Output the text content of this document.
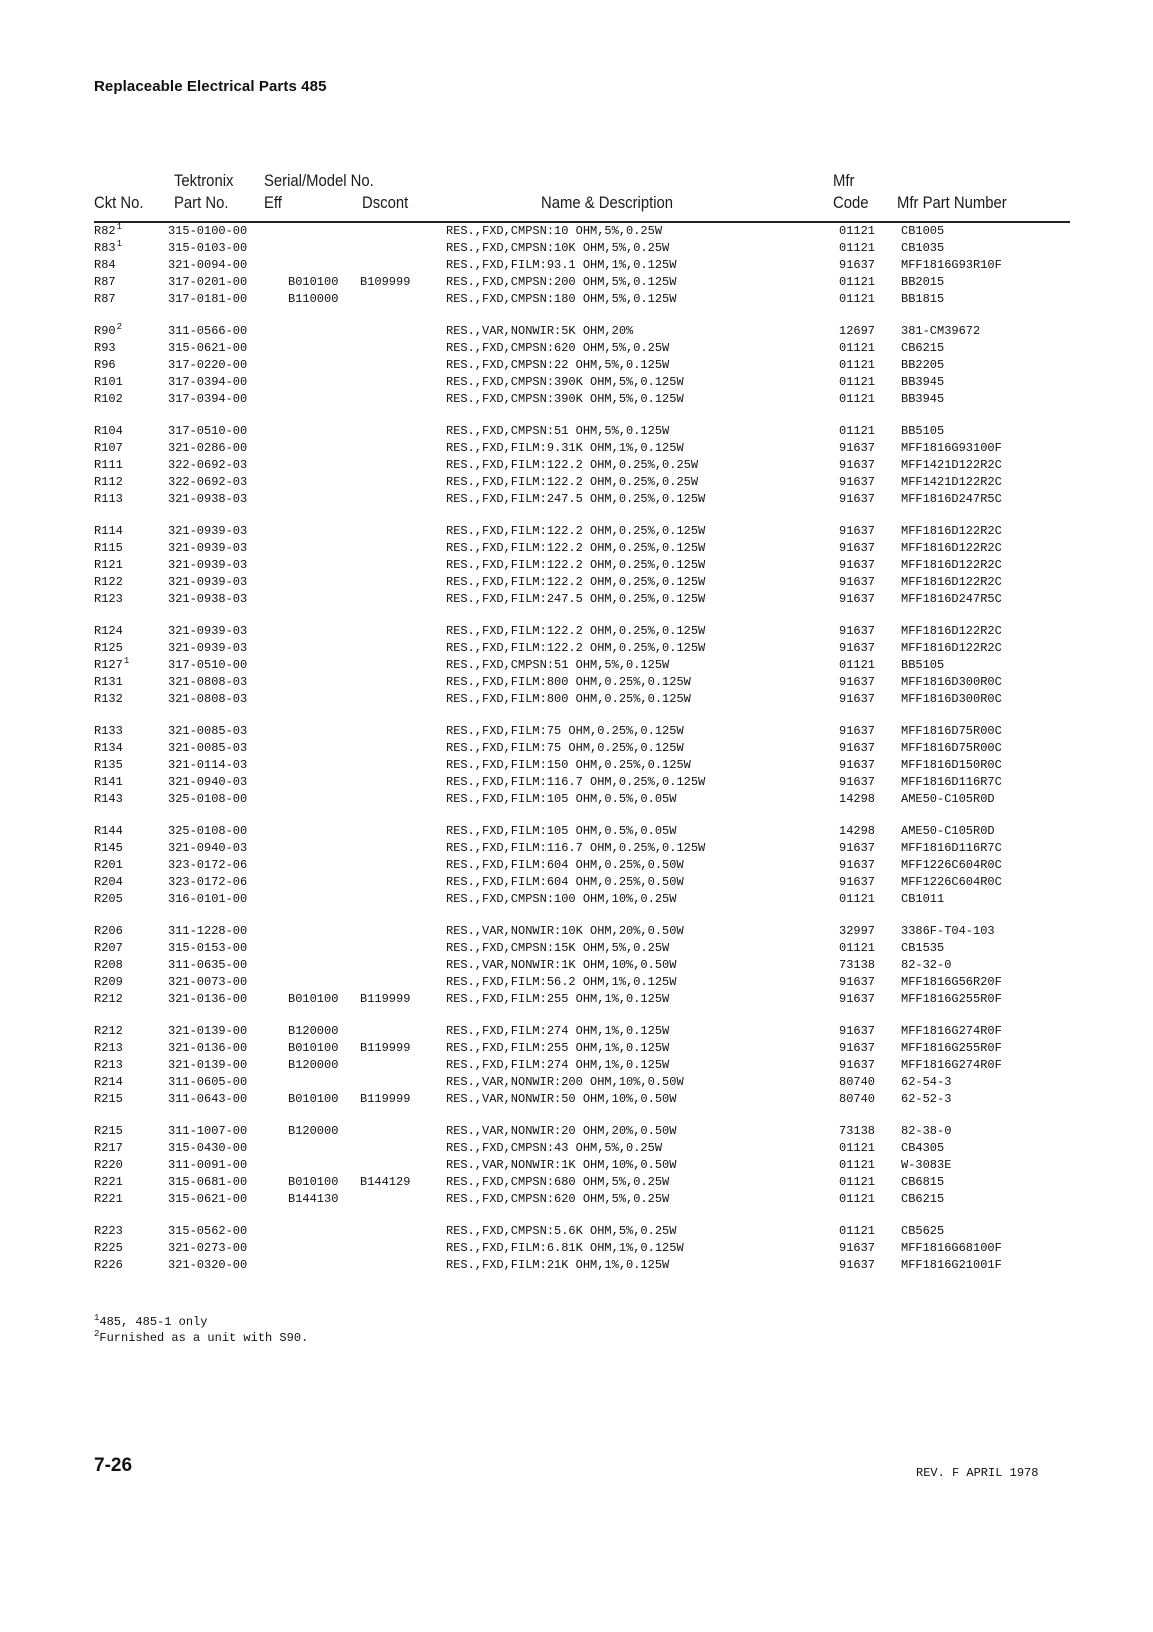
Replaceable Electrical Parts 485
Tektronix Serial/Model No.	Mfr
Ckt No. Part No. Eff	Dscont	Name & Description	Code Mfr Part Number
$R82^1$	315-0100-00	RES.,FXD,CMPSN:10 OHM,5%,0.25W	01121 CB1005
$R83^1$	315-0103-00	RES.,FXD,CMPSN:10K OHM,5%,0.25W	01121 CB1035
R84	321-0094-00	RES.,FXD,FILM:93.1 OHM,1%,0.125W	91637 MFF1816G93R10F
R87	317-0201-00	B010100 B109999	RES.,FXD,CMPSN:200 OHM,5%,0.125W	01121 BB2015
R87	317-0181-00	B110000	RES.,FXD,CMPSN:180 OHM,5%,0.125W	01121 BB1815
$R90^2$	311-0566-00	RES.,VAR,NONWIR:5K OHM,20%	12697 381-CM39672
R93	315-0621-00	RES.,FXD,CMPSN:620 OHM,5%,0.25W	01121 CB6215
R96	317-0220-00	RES.,FXD,CMPSN:22 OHM,5%,0.125W	01121 BB2205
R101	317-0394-00	RES.,FXD,CMPSN:390K OHM,5%,0.125W	01121 BB3945
R102	317-0394-00	RES.,FXD,CMPSN:390K OHM,5%,0.125W	01121 BB3945
R104	317-0510-00	RES.,FXD,CMPSN:51 OHM,5%,0.125W	01121 BB5105
R107	321-0286-00	RES.,FXD,FILM:9.31K OHM,1%,0.125W	91637 MFF1816G93100F
R111	322-0692-03	RES.,FXD,FILM:122.2 OHM,0.25%,0.25W	91637 MFF1421D122R2C
R112	322-0692-03	RES.,FXD,FILM:122.2 OHM,0.25%,0.25W	91637 MFF1421D122R2C
R113	321-0938-03	RES.,FXD,FILM:247.5 OHM,0.25%,0.125W	91637 MFF1816D247R5C
R114	321-0939-03	RES.,FXD,FILM:122.2 OHM,0.25%,0.125W	91637 MFF1816D122R2C
R115	321-0939-03	RES.,FXD,FILM:122.2 OHM,0.25%,0.125W	91637 MFF1816D122R2C
R121	321-0939-03	RES.,FXD,FILM:122.2 OHM,0.25%,0.125W	91637 MFF1816D122R2C
R122	321-0939-03	RES.,FXD,FILM:122.2 OHM,0.25%,0.125W	91637 MFF1816D122R2C
R123	321-0938-03	RES.,FXD,FILM:247.5 OHM,0.25%,0.125W	91637 MFF1816D247R5C
R124	321-0939-03	RES.,FXD,FILM:122.2 OHM,0.25%,0.125W	91637 MFF1816D122R2C
R125	321-0939-03	RES.,FXD,FILM:122.2 OHM,0.25%,0.125W	91637 MFF1816D122R2C
$R127^1$	317-0510-00	RES.,FXD,CMPSN:51 OHM,5%,0.125W	01121 BB5105
R131	321-0808-03	RES.,FXD,FILM:800 OHM,0.25%,0.125W	91637 MFF1816D300R0C
R132	321-0808-03	RES.,FXD,FILM:800 OHM,0.25%,0.125W	91637 MFF1816D300R0C
R133	321-0085-03	RES.,FXD,FILM:75 OHM,0.25%,0.125W	91637 MFF1816D75R00C
R134	321-0085-03	RES.,FXD,FILM:75 OHM,0.25%,0.125W	91637 MFF1816D75R00C
R135	321-0114-03	RES.,FXD,FILM:150 OHM,0.25%,0.125W	91637 MFF1816D150R0C
R141	321-0940-03	RES.,FXD,FILM:116.7 OHM,0.25%,0.125W	91637 MFF1816D116R7C
R143	325-0108-00	RES.,FXD,FILM:105 OHM,0.5%,0.05W	14298 AME50-C105R0D
R144	325-0108-00	RES.,FXD,FILM:105 OHM,0.5%,0.05W	14298 AME50-C105R0D
R145	321-0940-03	RES.,FXD,FILM:116.7 OHM,0.25%,0.125W	91637 MFF1816D116R7C
R201	323-0172-06	RES.,FXD,FILM:604 OHM,0.25%,0.50W	91637 MFF1226C604R0C
R204	323-0172-06	RES.,FXD,FILM:604 OHM,0.25%,0.50W	91637 MFF1226C604R0C
R205	316-0101-00	RES.,FXD,CMPSN:100 OHM,10%,0.25W	01121 CB1011
R206	311-1228-00	RES.,VAR,NONWIR:10K OHM,20%,0.50W	32997 3386F-T04-103
R207	315-0153-00	RES.,FXD,CMPSN:15K OHM,5%,0.25W	01121 CB1535
R208	311-0635-00	RES.,VAR,NONWIR:1K OHM,10%,0.50W	73138 82-32-0
R209	321-0073-00	RES.,FXD,FILM:56.2 OHM,1%,0.125W	91637 MFF1816G56R20F
R212	321-0136-00	B010100 B119999	RES.,FXD,FILM:255 OHM,1%,0.125W	91637 MFF1816G255R0F
R212	321-0139-00	B120000	RES.,FXD,FILM:274 OHM,1%,0.125W	91637 MFF1816G274R0F
R213	321-0136-00	B010100 B119999	RES.,FXD,FILM:255 OHM,1%,0.125W	91637 MFF1816G255R0F
R213	321-0139-00	B120000	RES.,FXD,FILM:274 OHM,1%,0.125W	91637 MFF1816G274R0F
R214	311-0605-00	RES.,VAR,NONWIR:200 OHM,10%,0.50W	80740 62-54-3
R215	311-0643-00	B010100 B119999	RES.,VAR,NONWIR:50 OHM,10%,0.50W	80740 62-52-3
R215	311-1007-00	B120000	RES.,VAR,NONWIR:20 OHM,20%,0.50W	73138 82-38-0
R217	315-0430-00	RES.,FXD,CMPSN:43 OHM,5%,0.25W	01121 CB4305
R220	311-0091-00	RES.,VAR,NONWIR:1K OHM,10%,0.50W	01121 W-3083E
R221	315-0681-00	B010100 B144129	RES.,FXD,CMPSN:680 OHM,5%,0.25W	01121 CB6815
R221	315-0621-00	B144130	RES.,FXD,CMPSN:620 OHM,5%,0.25W	01121 CB6215
R223	315-0562-00	RES.,FXD,CMPSN:5.6K OHM,5%,0.25W	01121 CB5625
R225	321-0273-00	RES.,FXD,FILM:6.81K OHM,1%,0.125W	91637 MFF1816G68100F
R226	321-0320-00	RES.,FXD,FILM:21K OHM,1%,0.125W	91637 MFF1816G21001F
$^1$485, 485-1 only
$^2$Furnished as a unit with S90.
7-26	REV. F APRIL 1978
